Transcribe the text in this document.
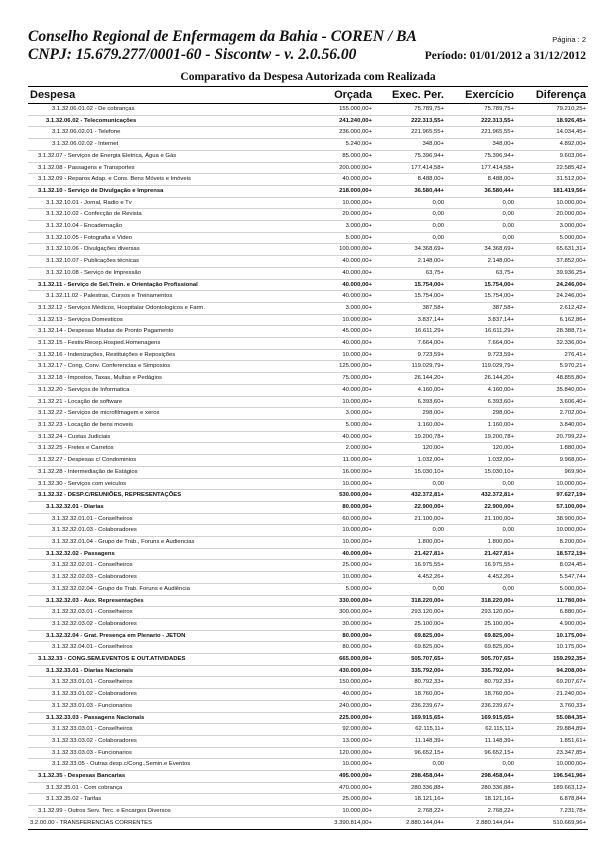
Conselho Regional de Enfermagem da Bahia - COREN / BA
CNPJ: 15.679.277/0001-60 - Siscontw - v. 2.0.56.00
Página : 2
Período: 01/01/2012 a 31/12/2012
Comparativo da Despesa Autorizada com Realizada
Despesa	Orçada	Exec. Per.	Exercício	Diferença
3.1.32.06.01.02 - De cobranças	155.000,00+	75.789,75+	75.789,75+	79.210,25+
3.1.32.06.02 - Telecomunicações	241.240,00+	222.313,55+	222.313,55+	18.926,45+
3.1.32.06.02.01 - Telefone	236.000,00+	221.965,55+	221.965,55+	14.034,45+
3.1.32.06.02.02 - Internet	5.240,00+	348,00+	348,00+	4.892,00+
3.1.32.07 - Serviços de Energia Eletrica, Água e Gás	85.000,00+	75.396,94+	75.396,94+	9.603,06+
3.1.32.08 - Passagens e Transportes	200.000,00+	177.414,58+	177.414,58+	22.585,42+
3.1.32.09 - Reparos Adap. e Cons. Bens Móveis e Imóveis	40.000,00+	8.488,00+	8.488,00+	31.512,00+
3.1.32.10 - Serviço de Divulgação e Imprensa	218.000,00+	36.580,44+	36.580,44+	181.419,56+
3.1.32.10.01 - Jornal, Radio e Tv	10.000,00+	0,00	0,00	10.000,00+
3.1.32.10.02 - Confecção de Revista	20.000,00+	0,00	0,00	20.000,00+
3.1.32.10.04 - Encadernação	3.000,00+	0,00	0,00	3.000,00+
3.1.32.10.05 - Fotografia e Video	5.000,00+	0,00	0,00	5.000,00+
3.1.32.10.06 - Divulgações diversas	100.000,00+	34.368,69+	34.368,69+	65.631,31+
3.1.32.10.07 - Publicações técnicas	40.000,00+	2.148,00+	2.148,00+	37.852,00+
3.1.32.10.08 - Serviço de Impressão	40.000,00+	63,75+	63,75+	39.936,25+
3.1.32.11 - Serviço de Sel.Trein. e Orientação Profissional	40.000,00+	15.754,00+	15.754,00+	24.246,00+
3.1.32.11.02 - Palestras, Cursos e Treinamentos	40.000,00+	15.754,00+	15.754,00+	24.246,00+
3.1.32.12 - Serviços Médicos, Hospitalar Odontologicos e Farm.	3.000,00+	387,58+	387,58+	2.612,42+
3.1.32.13 - Serviços Domesticos	10.000,00+	3.837,14+	3.837,14+	6.162,86+
3.1.32.14 - Despesas Miudas de Pronto Pagamento	45.000,00+	16.611,29+	16.611,29+	28.388,71+
3.1.32.15 - Festiv.Recep.Hosped.Homenagens	40.000,00+	7.664,00+	7.664,00+	32.336,00+
3.1.32.16 - Indenizações, Restituições e Reposições	10.000,00+	9.723,59+	9.723,59+	276,41+
3.1.32.17 - Cong. Conv. Conferencias e Simposios	125.000,00+	119.029,79+	119.029,79+	5.970,21+
3.1.32.18 - Impostos, Taxas, Multas e Pedágios	75.000,00+	26.144,20+	26.144,20+	48.855,80+
3.1.32.20 - Serviços de Informatica	40.000,00+	4.160,00+	4.160,00+	35.840,00+
3.1.32.21 - Locação de software	10.000,00+	6.393,60+	6.393,60+	3.606,40+
3.1.32.22 - Serviços de microfilmagem e xerox	3.000,00+	298,00+	298,00+	2.702,00+
3.1.32.23 - Locação de bens moveis	5.000,00+	1.160,00+	1.160,00+	3.840,00+
3.1.32.24 - Custas Judiciais	40.000,00+	19.200,78+	19.200,78+	20.799,22+
3.1.32.25 - Fretes e Carretos	2.000,00+	120,00+	120,00+	1.880,00+
3.1.32.27 - Despesas c/ Condominios	11.000,00+	1.032,00+	1.032,00+	9.968,00+
3.1.32.28 - Intermediação de Estágios	16.000,00+	15.030,10+	15.030,10+	969,90+
3.1.32.30 - Serviços com veiculos	10.000,00+	0,00	0,00	10.000,00+
3.1.32.32 - DESP.C/REUNIÕES, REPRESENTAÇÕES	530.000,00+	432.372,81+	432.372,81+	97.627,19+
3.1.32.32.01 - Diarias	80.000,00+	22.900,00+	22.900,00+	57.100,00+
3.1.32.32.01.01 - Conselheiros	60.000,00+	21.100,00+	21.100,00+	38.900,00+
3.1.32.32.01.03 - Colaboradores	10.000,00+	0,00	0,00	10.000,00+
3.1.32.32.01.04 - Grupo de Trab., Foruns e Audiencias	10.000,00+	1.800,00+	1.800,00+	8.200,00+
3.1.32.32.02 - Passagens	40.000,00+	21.427,81+	21.427,81+	18.572,19+
3.1.32.32.02.01 - Conselheiros	25.000,00+	16.975,55+	16.975,55+	8.024,45+
3.1.32.32.02.03 - Colaboradores	10.000,00+	4.452,26+	4.452,26+	5.547,74+
3.1.32.32.02.04 - Grupo de Trab. Foruns e Audiência	5.000,00+	0,00	0,00	5.000,00+
3.1.32.32.03 - Aux. Representações	330.000,00+	318.220,00+	318.220,00+	11.780,00+
3.1.32.32.03.01 - Conselheiros	300.000,00+	293.120,00+	293.120,00+	6.880,00+
3.1.32.32.03.02 - Colaboradores	30.000,00+	25.100,00+	25.100,00+	4.900,00+
3.1.32.32.04 - Grat. Presença em Plenario - JETON	80.000,00+	69.825,00+	69.825,00+	10.175,00+
3.1.32.32.04.01 - Conselheiros	80.000,00+	69.825,00+	69.825,00+	10.175,00+
3.1.32.33 - CONG.SEM.EVENTOS E OUT.ATIVIDADES	665.000,00+	505.707,65+	505.707,65+	159.292,35+
3.1.32.33.01 - Diarias Nacionais	430.000,00+	335.792,00+	335.792,00+	94.208,00+
3.1.32.33.01.01 - Conselheiros	150.000,00+	80.792,33+	80.792,33+	69.207,67+
3.1.32.33.01.02 - Colaboradores	40.000,00+	18.760,00+	18.760,00+	21.240,00+
3.1.32.33.01.03 - Funcionarios	240.000,00+	236.239,67+	236.239,67+	3.760,33+
3.1.32.33.03 - Passagens Nacionais	225.000,00+	169.915,65+	169.915,65+	55.084,35+
3.1.32.33.03.01 - Conselheiros	92.000,00+	62.115,11+	62.115,11+	29.884,89+
3.1.32.33.03.02 - Colaboradores	13.000,00+	11.148,39+	11.148,39+	1.851,61+
3.1.32.33.03.03 - Funcionarios	120.000,00+	96.652,15+	96.652,15+	23.347,85+
3.1.32.33.05 - Outras desp.c/Cong.,Semin.e Eventos	10.000,00+	0,00	0,00	10.000,00+
3.1.32.35 - Despesas Bancarias	495.000,00+	298.458,04+	298.458,04+	196.541,96+
3.1.32.35.01 - Com cobrança	470.000,00+	280.336,88+	280.336,88+	189.663,12+
3.1.32.35.02 - Tarifas	25.000,00+	18.121,16+	18.121,16+	6.878,84+
3.1.32.99 - Outros Serv. Terc. e Encargos Diversos	10.000,00+	2.768,22+	2.768,22+	7.231,78+
3.2.00.00 - TRANSFERENCIAS CORRENTES	3.390.814,00+	2.880.144,04+	2.880.144,04+	510.669,96+
